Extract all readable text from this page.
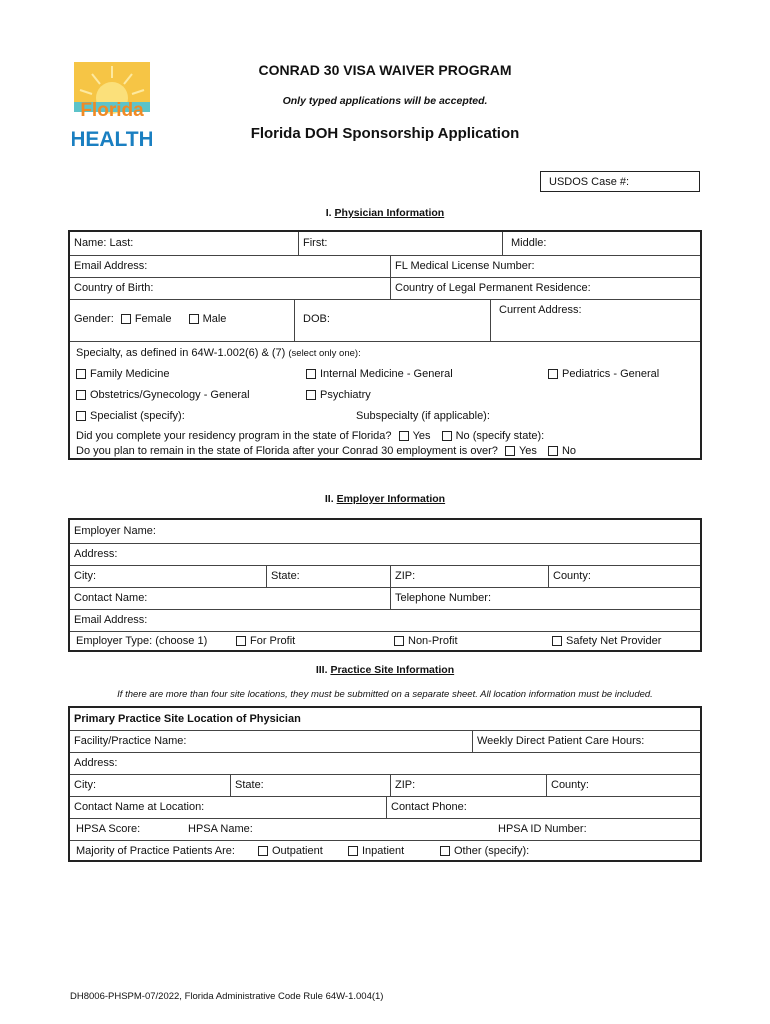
Florida
HEALTH
CONRAD 30 VISA WAIVER PROGRAM
Only typed applications will be accepted.
Florida DOH Sponsorship Application
USDOS Case #:
I. Physician Information
Name: Last:	First:	Middle:
Email Address:	FL Medical License Number:
Country of Birth:	Country of Legal Permanent Residence:
Gender: Female	Male	DOB:
Current Address:
Specialty, as defined in 64W-1.002(6) & (7) (select only one):
Family Medicine	Internal Medicine - General	Pediatrics - General
Obstetrics/Gynecology - General	Psychiatry
Specialist (specify):	Subspecialty (if applicable):
Did you complete your residency program in the state of Florida? Yes No (specify state):
Do you plan to remain in the state of Florida after your Conrad 30 employment is over? Yes No
II. Employer Information
Employer Name:
Address:
City:	State:	ZIP:	County:
Contact Name:	Telephone Number:
Email Address:
Employer Type: (choose 1)	For Profit	Non-Profit	Safety Net Provider
III. Practice Site Information
If there are more than four site locations, they must be submitted on a separate sheet. All location information must be included.
Primary Practice Site Location of Physician
Facility/Practice Name:	Weekly Direct Patient Care Hours:
Address:
City:	State:	ZIP:	County:
Contact Name at Location:	Contact Phone:
HPSA Score:	HPSA Name:	HPSA ID Number:
Majority of Practice Patients Are:	Outpatient	Inpatient	Other (specify):
DH8006-PHSPM-07/2022, Florida Administrative Code Rule 64W-1.004(1)
